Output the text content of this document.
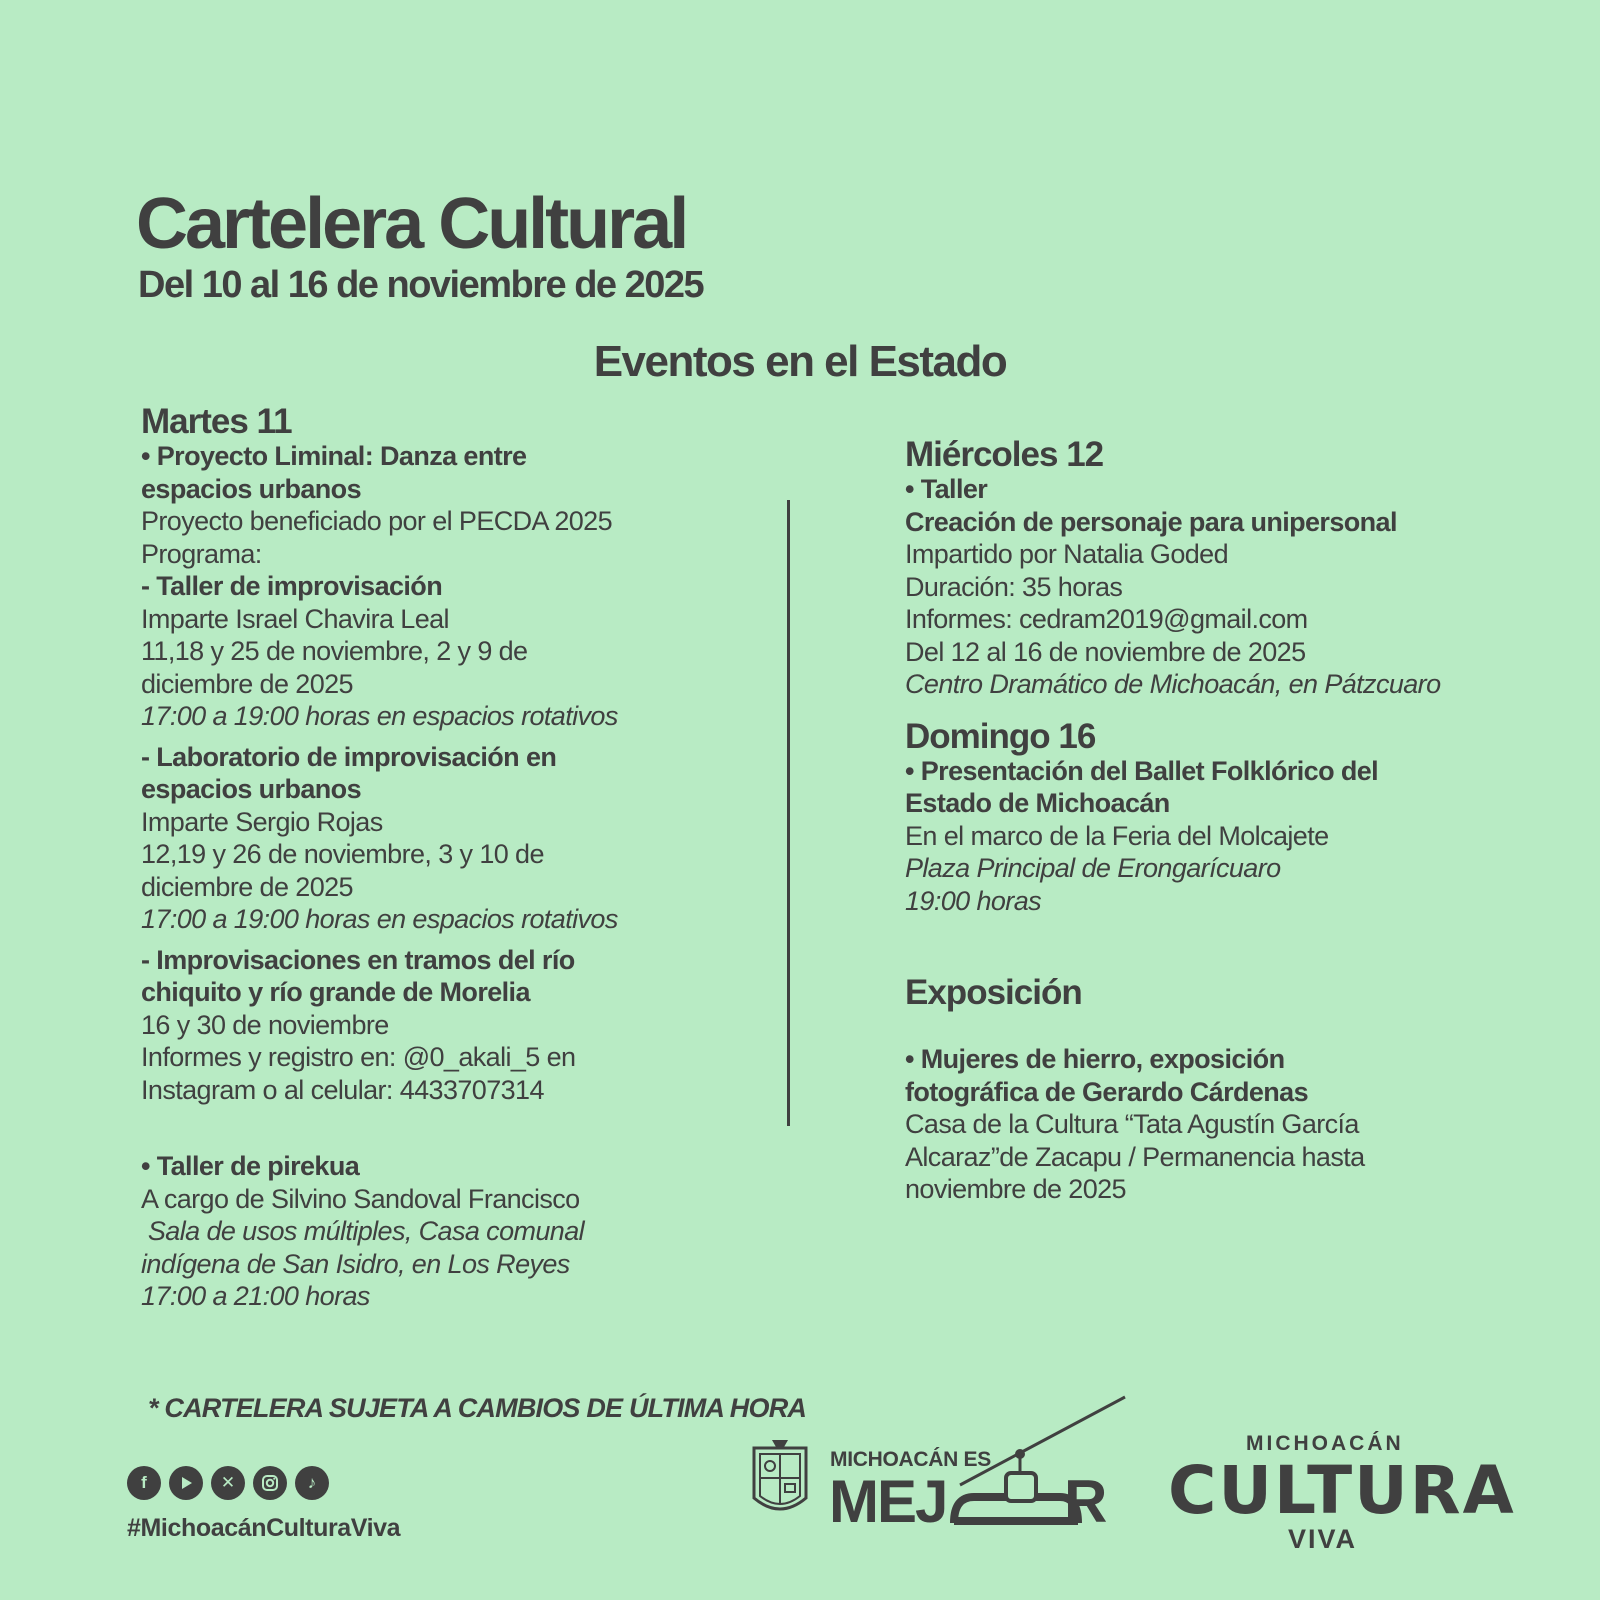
Cartelera Cultural
Del 10 al 16 de noviembre de 2025
Eventos en el Estado
Martes 11
• Proyecto Liminal: Danza entre
espacios urbanos
Proyecto beneficiado por el PECDA 2025
Programa:
- Taller de improvisación
Imparte Israel Chavira Leal
11,18 y 25 de noviembre, 2 y 9 de
diciembre de 2025
17:00 a 19:00 horas en espacios rotativos
- Laboratorio de improvisación en
espacios urbanos
Imparte Sergio Rojas
12,19 y 26 de noviembre, 3 y 10 de
diciembre de 2025
17:00 a 19:00 horas en espacios rotativos
- Improvisaciones en tramos del río
chiquito y río grande de Morelia
16 y 30 de noviembre
Informes y registro en: @0_akali_5 en
Instagram o al celular: 4433707314
• Taller de pirekua
A cargo de Silvino Sandoval Francisco
Sala de usos múltiples, Casa comunal
indígena de San Isidro, en Los Reyes
17:00 a 21:00 horas
Miércoles 12
• Taller
Creación de personaje para unipersonal
Impartido por Natalia Goded
Duración: 35 horas
Informes: cedram2019@gmail.com
Del 12 al 16 de noviembre de 2025
Centro Dramático de Michoacán, en Pátzcuaro
Domingo 16
• Presentación del Ballet Folklórico del
Estado de Michoacán
En el marco de la Feria del Molcajete
Plaza Principal de Erongarícuaro
19:00 horas
Exposición
• Mujeres de hierro, exposición
fotográfica de Gerardo Cárdenas
Casa de la Cultura “Tata Agustín García
Alcaraz”de Zacapu / Permanencia hasta
noviembre de 2025
* CARTELERA SUJETA A CAMBIOS DE ÚLTIMA HORA
f	✕	♪
#MichoacánCulturaViva
MICHOACÁN ES
MEJ R
MICHOACÁN
CULTURA
VIVA
